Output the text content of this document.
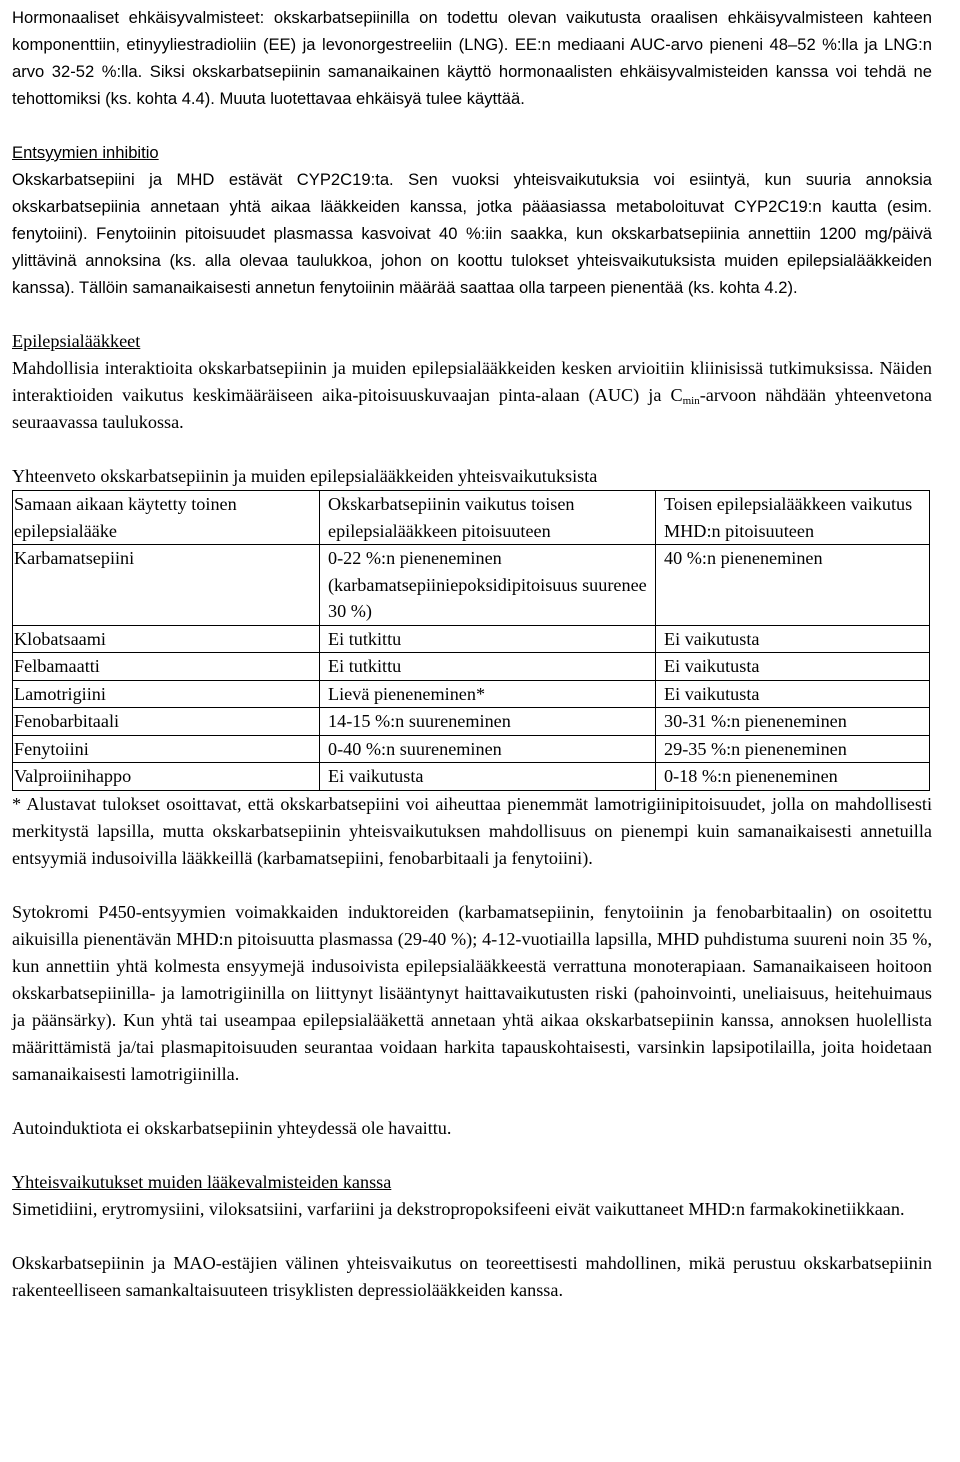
Hormonaaliset ehkäisyvalmisteet: okskarbatsepiinilla on todettu olevan vaikutusta oraalisen ehkäisyvalmisteen kahteen komponenttiin, etinyyliestradioliin (EE) ja levonorgestreeliin (LNG). EE:n mediaani AUC-arvo pieneni 48–52 %:lla ja LNG:n arvo 32-52 %:lla. Siksi okskarbatsepiinin samanaikainen käyttö hormonaalisten ehkäisyvalmisteiden kanssa voi tehdä ne tehottomiksi (ks. kohta 4.4). Muuta luotettavaa ehkäisyä tulee käyttää.

Entsyymien inhibitio

Okskarbatsepiini ja MHD estävät CYP2C19:ta. Sen vuoksi yhteisvaikutuksia voi esiintyä, kun suuria annoksia okskarbatsepiinia annetaan yhtä aikaa lääkkeiden kanssa, jotka pääasiassa metaboloituvat CYP2C19:n kautta (esim. fenytoiini). Fenytoiinin pitoisuudet plasmassa kasvoivat 40 %:iin saakka, kun okskarbatsepiinia annettiin 1200 mg/päivä ylittävinä annoksina (ks. alla olevaa taulukkoa, johon on koottu tulokset yhteisvaikutuksista muiden epilepsialääkkeiden kanssa). Tällöin samanaikaisesti annetun fenytoiinin määrää saattaa olla tarpeen pienentää (ks. kohta 4.2).

Epilepsialääkkeet

Mahdollisia interaktioita okskarbatsepiinin ja muiden epilepsialääkkeiden kesken arvioitiin kliinisissä tutkimuksissa. Näiden interaktioiden vaikutus keskimääräiseen aika-pitoisuuskuvaajan pinta-alaan (AUC) ja $C_{min}$-arvoon nähdään yhteenvetona seuraavassa taulukossa.

Yhteenveto okskarbatsepiinin ja muiden epilepsialääkkeiden yhteisvaikutuksista

Samaan aikaan käytetty toinen epilepsialääke	Okskarbatsepiinin vaikutus toisen epilepsialääkkeen pitoisuuteen	Toisen epilepsialääkkeen vaikutus MHD:n pitoisuuteen
Karbamatsepiini	0-22 %:n pieneneminen (karbamatsepiiniepoksidipitoisuus suurenee 30 %)	40 %:n pieneneminen
Klobatsaami	Ei tutkittu	Ei vaikutusta
Felbamaatti	Ei tutkittu	Ei vaikutusta
Lamotrigiini	Lievä pieneneminen*	Ei vaikutusta
Fenobarbitaali	14-15 %:n suureneminen	30-31 %:n pieneneminen
Fenytoiini	0-40 %:n suureneminen	29-35 %:n pieneneminen
Valproiinihappo	Ei vaikutusta	0-18 %:n pieneneminen

* Alustavat tulokset osoittavat, että okskarbatsepiini voi aiheuttaa pienemmät lamotrigiinipitoisuudet, jolla on mahdollisesti merkitystä lapsilla, mutta okskarbatsepiinin yhteisvaikutuksen mahdollisuus on pienempi kuin samanaikaisesti annetuilla entsyymiä indusoivilla lääkkeillä (karbamatsepiini, fenobarbitaali ja fenytoiini).

Sytokromi P450-entsyymien voimakkaiden induktoreiden (karbamatsepiinin, fenytoiinin ja fenobarbitaalin) on osoitettu aikuisilla pienentävän MHD:n pitoisuutta plasmassa (29-40 %); 4-12-vuotiailla lapsilla, MHD puhdistuma suureni noin 35 %, kun annettiin yhtä kolmesta ensyymejä indusoivista epilepsialääkkeestä verrattuna monoterapiaan. Samanaikaiseen hoitoon okskarbatsepiinilla- ja lamotrigiinilla on liittynyt lisääntynyt haittavaikutusten riski (pahoinvointi, uneliaisuus, heitehuimaus ja päänsärky). Kun yhtä tai useampaa epilepsialääkettä annetaan yhtä aikaa okskarbatsepiinin kanssa, annoksen huolellista määrittämistä ja/tai plasmapitoisuuden seurantaa voidaan harkita tapauskohtaisesti, varsinkin lapsipotilailla, joita hoidetaan samanaikaisesti lamotrigiinilla.

Autoinduktiota ei okskarbatsepiinin yhteydessä ole havaittu.

Yhteisvaikutukset muiden lääkevalmisteiden kanssa

Simetidiini, erytromysiini, viloksatsiini, varfariini ja dekstropropoksifeeni eivät vaikuttaneet MHD:n farmakokinetiikkaan.

Okskarbatsepiinin ja MAO-estäjien välinen yhteisvaikutus on teoreettisesti mahdollinen, mikä perustuu okskarbatsepiinin rakenteelliseen samankaltaisuuteen trisyklisten depressiolääkkeiden kanssa.
